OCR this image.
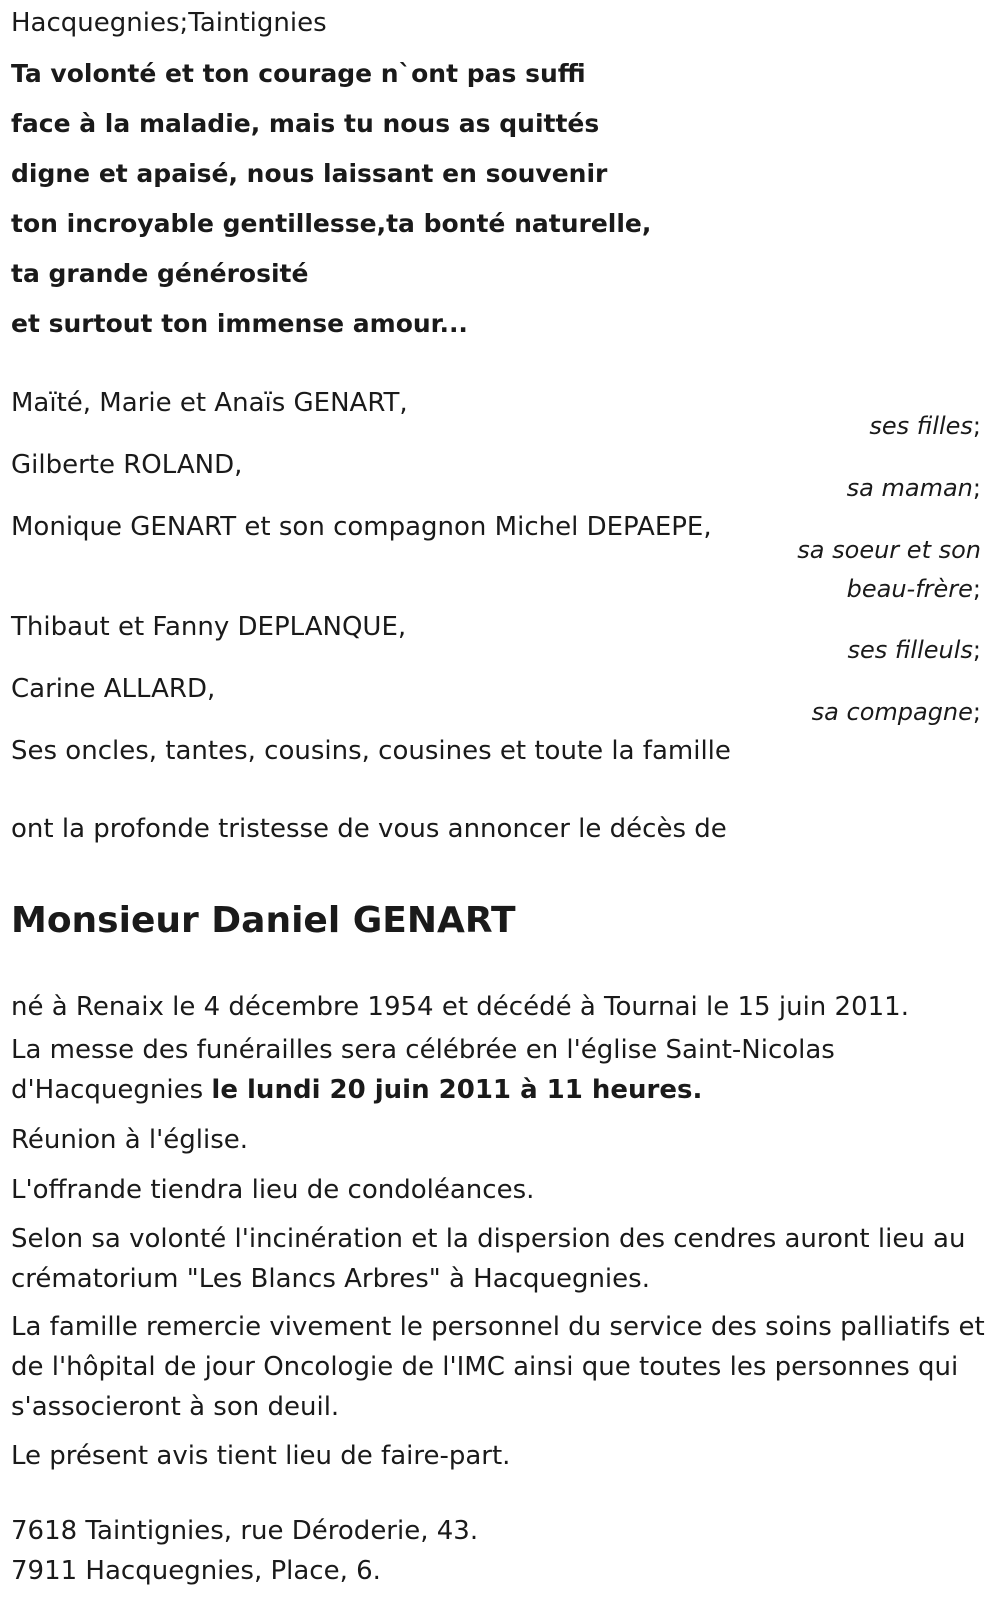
Hacquegnies;Taintignies
Ta volonté et ton courage n`ont pas suffi
face à la maladie, mais tu nous as quittés
digne et apaisé, nous laissant en souvenir
ton incroyable gentillesse,ta bonté naturelle,
ta grande générosité
et surtout ton immense amour...
Maïté, Marie et Anaïs GENART,
Gilberte ROLAND,
Monique GENART et son compagnon Michel DEPAEPE,
Thibaut et Fanny DEPLANQUE,
Carine ALLARD,
ses filles;
sa maman;
sa soeur et son
beau-frère;
ses filleuls;
sa compagne;
Ses oncles, tantes, cousins, cousines et toute la famille
ont la profonde tristesse de vous annoncer le décès de
Monsieur Daniel GENART
né à Renaix le 4 décembre 1954 et décédé à Tournai le 15 juin 2011.
La messe des funérailles sera célébrée en l'église Saint-Nicolas d'Hacquegnies le lundi 20 juin 2011 à 11 heures.
Réunion à l'église.
L'offrande tiendra lieu de condoléances.
Selon sa volonté l'incinération et la dispersion des cendres auront lieu au crématorium "Les Blancs Arbres" à Hacquegnies.
La famille remercie vivement le personnel du service des soins palliatifs et de l'hôpital de jour Oncologie de l'IMC ainsi que toutes les personnes qui s'associeront à son deuil.
Le présent avis tient lieu de faire-part.
7618 Taintignies, rue Déroderie, 43.
7911 Hacquegnies, Place, 6.
